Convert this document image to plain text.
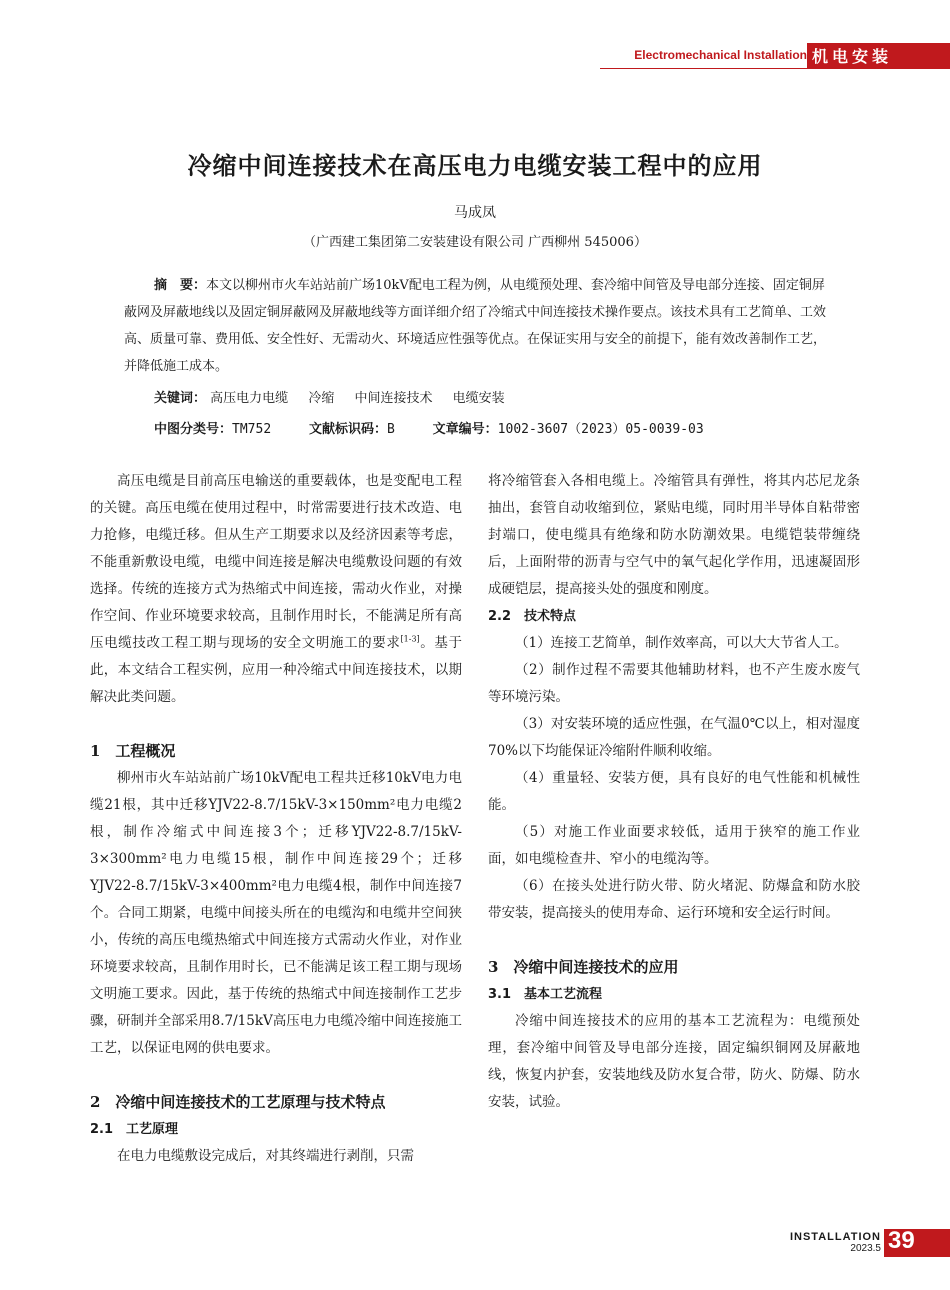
Electromechanical Installation 机电安装
冷缩中间连接技术在高压电力电缆安装工程中的应用
马成凤
（广西建工集团第二安装建设有限公司 广西柳州 545006）
摘　要：本文以柳州市火车站站前广场10kV配电工程为例，从电缆预处理、套冷缩中间管及导电部分连接、固定铜屏蔽网及屏蔽地线以及固定铜屏蔽网及屏蔽地线等方面详细介绍了冷缩式中间连接技术操作要点。该技术具有工艺简单、工效高、质量可靠、费用低、安全性好、无需动火、环境适应性强等优点。在保证实用与安全的前提下，能有效改善制作工艺，并降低施工成本。
关键词： 高压电力电缆 冷缩 中间连接技术 电缆安装
中图分类号：TM752	文献标识码：B	文章编号：1002-3607（2023）05-0039-03

高压电缆是目前高压电输送的重要载体，也是变配电工程的关键。高压电缆在使用过程中，时常需要进行技术改造、电力抢修，电缆迁移。但从生产工期要求以及经济因素等考虑，不能重新敷设电缆，电缆中间连接是解决电缆敷设问题的有效选择。传统的连接方式为热缩式中间连接，需动火作业，对操作空间、作业环境要求较高，且制作用时长，不能满足所有高压电缆技改工程工期与现场的安全文明施工的要求[1-3]。基于此，本文结合工程实例，应用一种冷缩式中间连接技术，以期解决此类问题。

1　工程概况

柳州市火车站站前广场10kV配电工程共迁移10kV电力电缆21根，其中迁移YJV22-8.7/15kV-3×150mm²电力电缆2根，制作冷缩式中间连接3个；迁移YJV22-8.7/15kV-3×300mm²电力电缆15根，制作中间连接29个；迁移YJV22-8.7/15kV-3×400mm²电力电缆4根，制作中间连接7个。合同工期紧，电缆中间接头所在的电缆沟和电缆井空间狭小，传统的高压电缆热缩式中间连接方式需动火作业，对作业环境要求较高，且制作用时长，已不能满足该工程工期与现场文明施工要求。因此，基于传统的热缩式中间连接制作工艺步骤，研制并全部采用8.7/15kV高压电力电缆冷缩中间连接施工工艺，以保证电网的供电要求。

2　冷缩中间连接技术的工艺原理与技术特点
2.1　工艺原理

在电力电缆敷设完成后，对其终端进行剥削，只需

将冷缩管套入各相电缆上。冷缩管具有弹性，将其内芯尼龙条抽出，套管自动收缩到位，紧贴电缆，同时用半导体自粘带密封端口，使电缆具有绝缘和防水防潮效果。电缆铠装带缠绕后，上面附带的沥青与空气中的氧气起化学作用，迅速凝固形成硬铠层，提高接头处的强度和刚度。

2.2　技术特点

（1）连接工艺简单，制作效率高，可以大大节省人工。

（2）制作过程不需要其他辅助材料，也不产生废水废气等环境污染。

（3）对安装环境的适应性强，在气温0℃以上，相对湿度70%以下均能保证冷缩附件顺利收缩。

（4）重量轻、安装方便，具有良好的电气性能和机械性能。

（5）对施工作业面要求较低，适用于狭窄的施工作业面，如电缆检查井、窄小的电缆沟等。

（6）在接头处进行防火带、防火堵泥、防爆盒和防水胶带安装，提高接头的使用寿命、运行环境和安全运行时间。

3　冷缩中间连接技术的应用
3.1　基本工艺流程

冷缩中间连接技术的应用的基本工艺流程为：电缆预处理，套冷缩中间管及导电部分连接，固定编织铜网及屏蔽地线，恢复内护套，安装地线及防水复合带，防火、防爆、防水安装，试验。

INSTALLATION
2023.5 39
